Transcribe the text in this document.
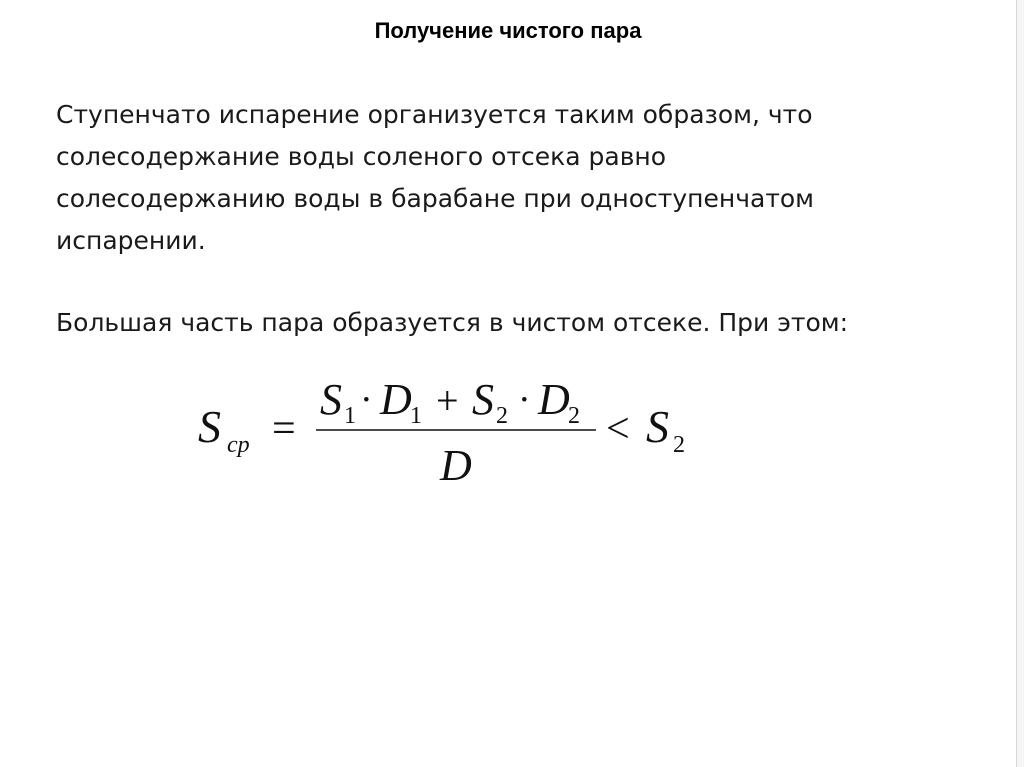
Получение чистого пара

Ступенчато испарение организуется таким образом, что
солесодержание воды соленого отсека равно
солесодержанию воды в барабане при одноступенчатом
испарении.

Большая часть пара образуется в чистом отсеке. При этом:

S cp =
S 1 · D
1 + S 2 · D
2
D
< S 2
